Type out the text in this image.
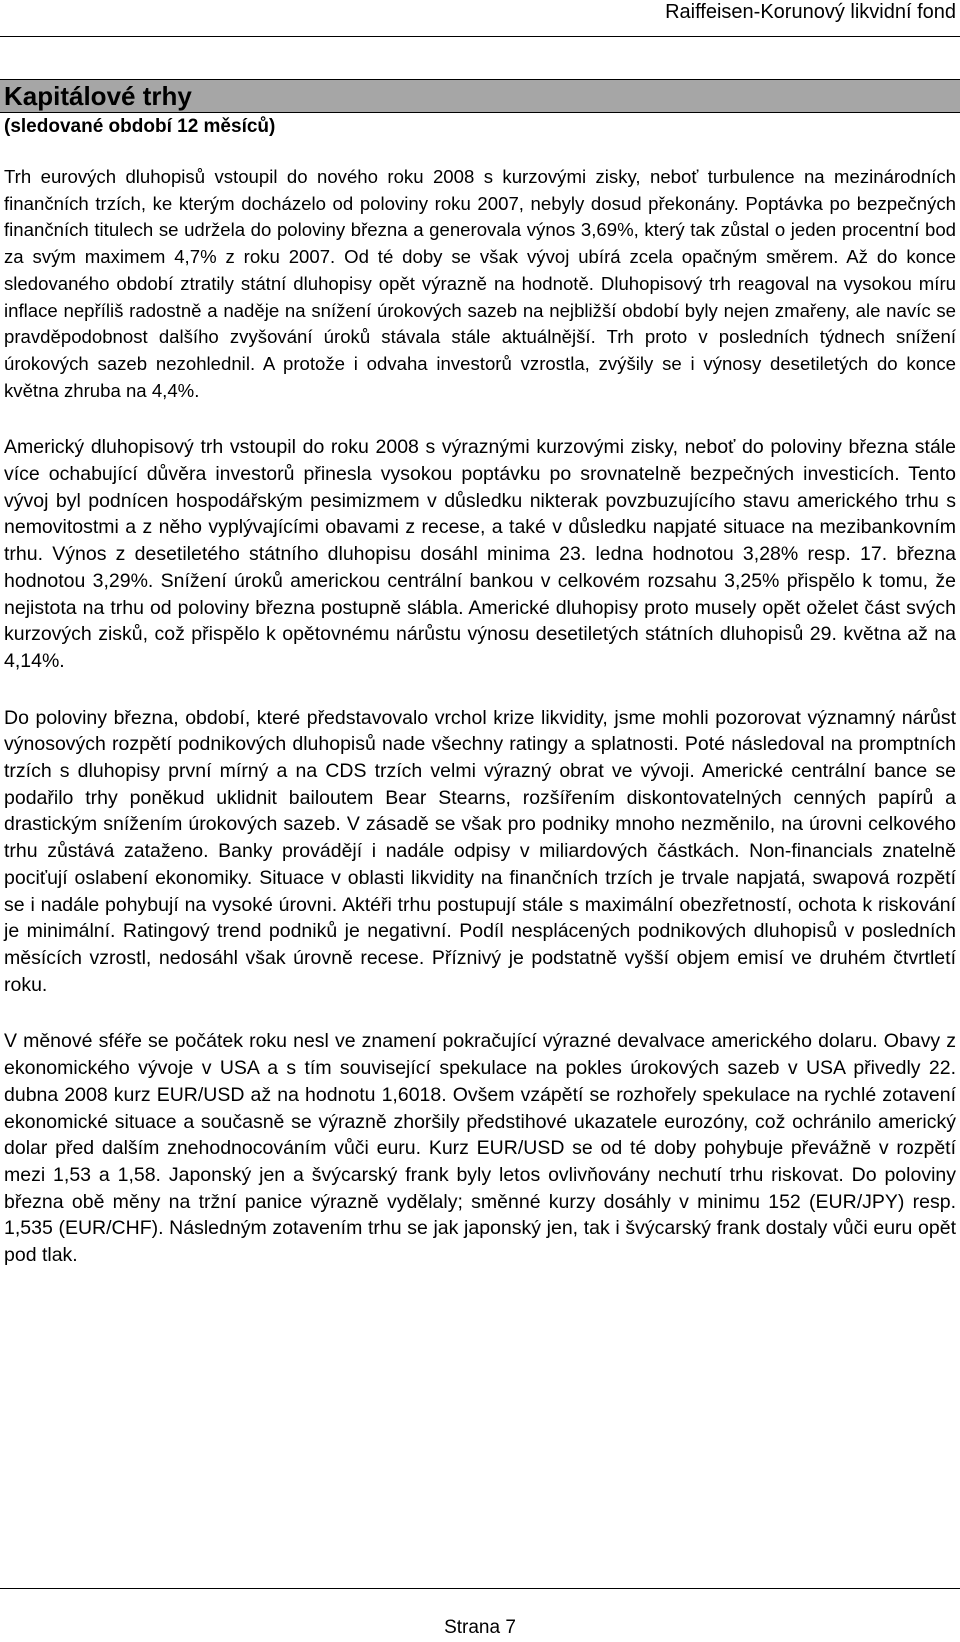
Raiffeisen-Korunový likvidní fond
Kapitálové trhy

(sledované období 12 měsíců)

Trh eurových dluhopisů vstoupil do nového roku 2008 s kurzovými zisky, neboť turbulence na mezinárodních finančních trzích, ke kterým docházelo od poloviny roku 2007, nebyly dosud překonány. Poptávka po bezpečných finančních titulech se udržela do poloviny března a generovala výnos 3,69%, který tak zůstal o jeden procentní bod za svým maximem 4,7% z roku 2007. Od té doby se však vývoj ubírá zcela opačným směrem. Až do konce sledovaného období ztratily státní dluhopisy opět výrazně na hodnotě. Dluhopisový trh reagoval na vysokou míru inflace nepříliš radostně a naděje na snížení úrokových sazeb na nejbližší období byly nejen zmařeny, ale navíc se pravděpodobnost dalšího zvyšování úroků stávala stále aktuálnější. Trh proto v posledních týdnech snížení úrokových sazeb nezohlednil. A protože i odvaha investorů vzrostla, zvýšily se i výnosy desetiletých do konce května zhruba na 4,4%.

Americký dluhopisový trh vstoupil do roku 2008 s výraznými kurzovými zisky, neboť do poloviny března stále více ochabující důvěra investorů přinesla vysokou poptávku po srovnatelně bezpečných investicích. Tento vývoj byl podnícen hospodářským pesimizmem v důsledku nikterak povzbuzujícího stavu amerického trhu s nemovitostmi a z něho vyplývajícími obavami z recese, a také v důsledku napjaté situace na mezibankovním trhu. Výnos z desetiletého státního dluhopisu dosáhl minima 23. ledna hodnotou 3,28% resp. 17. března hodnotou 3,29%. Snížení úroků americkou centrální bankou v celkovém rozsahu 3,25% přispělo k tomu, že nejistota na trhu od poloviny března postupně slábla. Americké dluhopisy proto musely opět oželet část svých kurzových zisků, což přispělo k opětovnému nárůstu výnosu desetiletých státních dluhopisů 29. května až na 4,14%.

Do poloviny března, období, které představovalo vrchol krize likvidity, jsme mohli pozorovat významný nárůst výnosových rozpětí podnikových dluhopisů nade všechny ratingy a splatnosti. Poté následoval na promptních trzích s dluhopisy první mírný a na CDS trzích velmi výrazný obrat ve vývoji. Americké centrální bance se podařilo trhy poněkud uklidnit bailoutem Bear Stearns, rozšířením diskontovatelných cenných papírů a drastickým snížením úrokových sazeb. V zásadě se však pro podniky mnoho nezměnilo, na úrovni celkového trhu zůstává zataženo. Banky provádějí i nadále odpisy v miliardových částkách. Non-financials znatelně pociťují oslabení ekonomiky. Situace v oblasti likvidity na finančních trzích je trvale napjatá, swapová rozpětí se i nadále pohybují na vysoké úrovni. Aktéři trhu postupují stále s maximální obezřetností, ochota k riskování je minimální. Ratingový trend podniků je negativní. Podíl nesplácených podnikových dluhopisů v posledních měsících vzrostl, nedosáhl však úrovně recese. Příznivý je podstatně vyšší objem emisí ve druhém čtvrtletí roku.

V měnové sféře se počátek roku nesl ve znamení pokračující výrazné devalvace amerického dolaru. Obavy z ekonomického vývoje v USA a s tím související spekulace na pokles úrokových sazeb v USA přivedly 22. dubna 2008 kurz EUR/USD až na hodnotu 1,6018. Ovšem vzápětí se rozhořely spekulace na rychlé zotavení ekonomické situace a současně se výrazně zhoršily předstihové ukazatele eurozóny, což ochránilo americký dolar před dalším znehodnocováním vůči euru. Kurz EUR/USD se od té doby pohybuje převážně v rozpětí mezi 1,53 a 1,58. Japonský jen a švýcarský frank byly letos ovlivňovány nechutí trhu riskovat. Do poloviny března obě měny na tržní panice výrazně vydělaly; směnné kurzy dosáhly v minimu 152 (EUR/JPY) resp. 1,535 (EUR/CHF). Následným zotavením trhu se jak japonský jen, tak i švýcarský frank dostaly vůči euru opět pod tlak.

Strana 7
